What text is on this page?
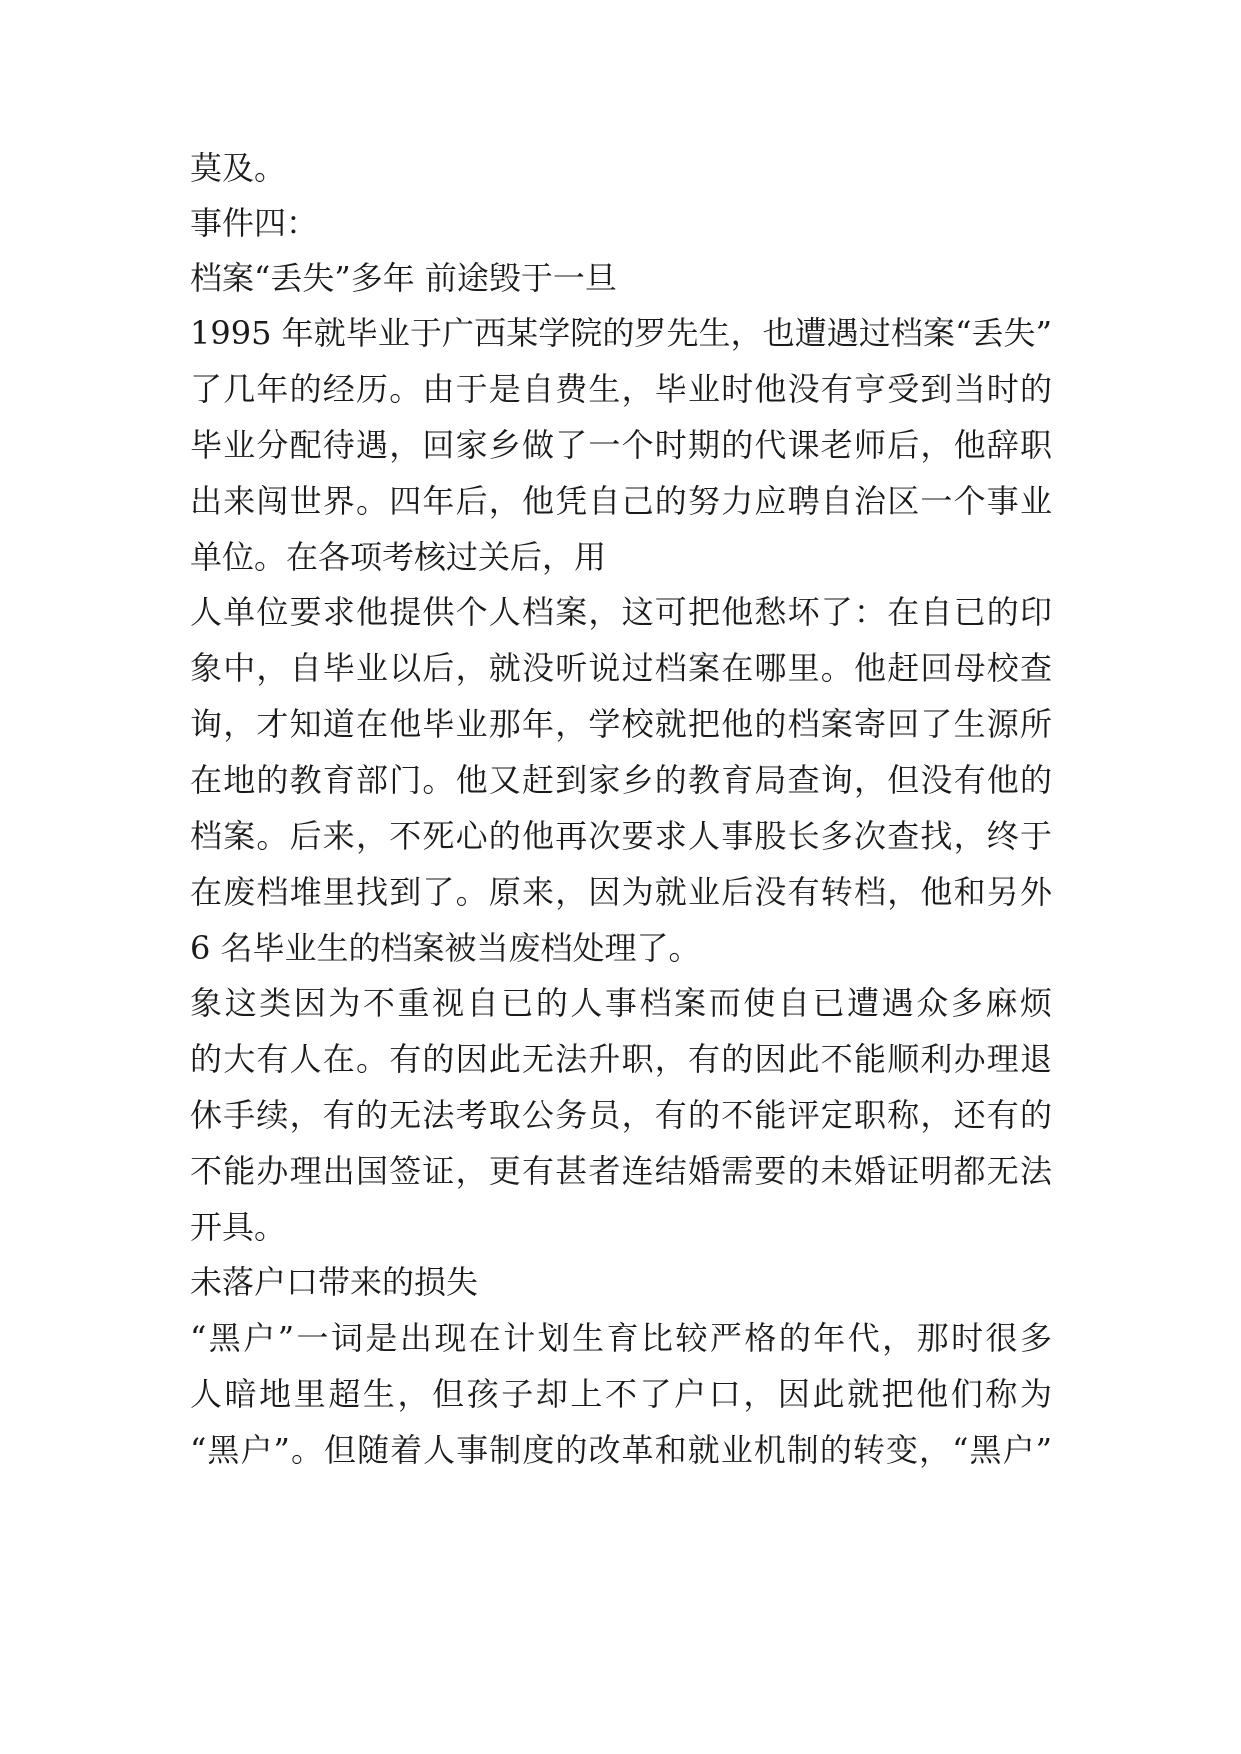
莫及。

事件四：

档案“丢失”多年 前途毁于一旦

1995 年就毕业于广西某学院的罗先生，也遭遇过档案“丢失”

了几年的经历。由于是自费生，毕业时他没有亨受到当时的

毕业分配待遇，回家乡做了一个时期的代课老师后，他辞职

出来闯世界。四年后，他凭自己的努力应聘自治区一个事业

单位。在各项考核过关后，用

人单位要求他提供个人档案，这可把他愁坏了：在自已的印

象中，自毕业以后，就没听说过档案在哪里。他赶回母校查

询，才知道在他毕业那年，学校就把他的档案寄回了生源所

在地的教育部门。他又赶到家乡的教育局查询，但没有他的

档案。后来，不死心的他再次要求人事股长多次查找，终于

在废档堆里找到了。原来，因为就业后没有转档，他和另外

6 名毕业生的档案被当废档处理了。

象这类因为不重视自已的人事档案而使自已遭遇众多麻烦

的大有人在。有的因此无法升职，有的因此不能顺利办理退

休手续，有的无法考取公务员，有的不能评定职称，还有的

不能办理出国签证，更有甚者连结婚需要的未婚证明都无法

开具。

未落户口带来的损失

“黑户”一词是出现在计划生育比较严格的年代，那时很多

人暗地里超生，但孩子却上不了户口，因此就把他们称为

“黑户”。但随着人事制度的改革和就业机制的转变，“黑户”
